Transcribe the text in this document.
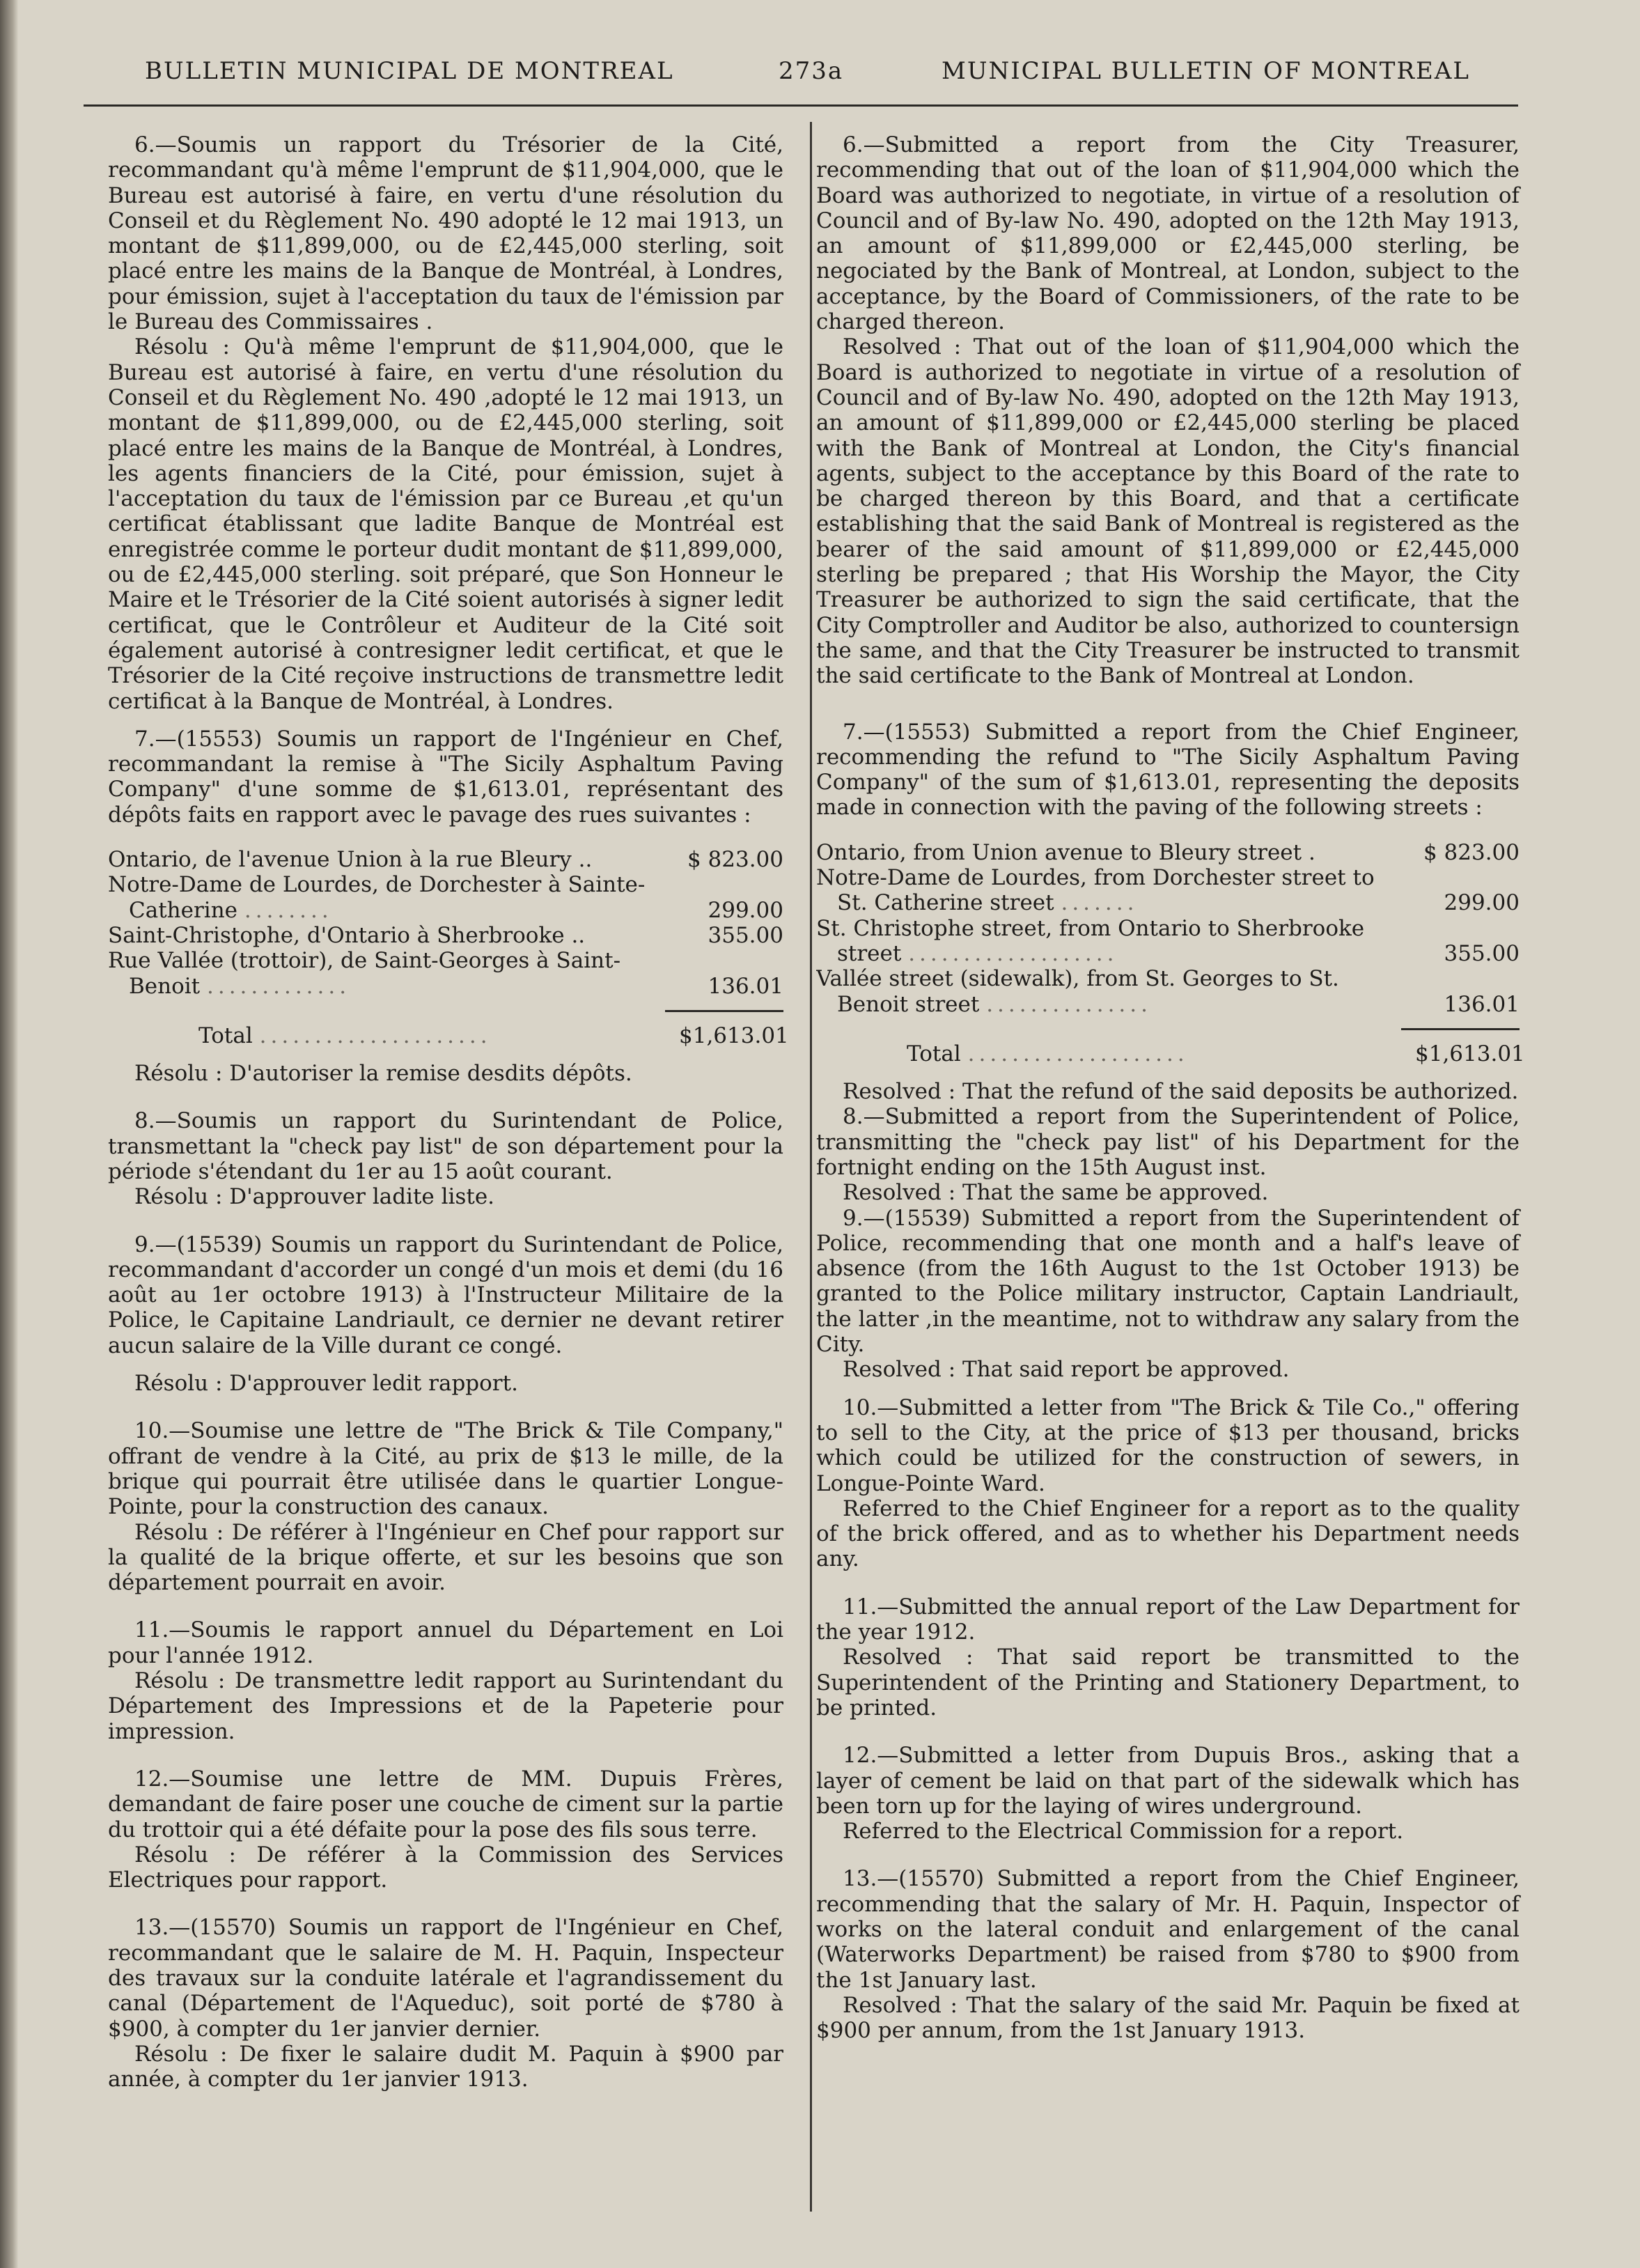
BULLETIN MUNICIPAL DE MONTREAL	273a	MUNICIPAL BULLETIN OF MONTREAL

6.—Soumis un rapport du Trésorier de la Cité, recommandant qu'à même l'emprunt de $11,904,000, que le Bureau est autorisé à faire, en vertu d'une résolution du Conseil et du Règlement No. 490 adopté le 12 mai 1913, un montant de $11,899,000, ou de £2,445,000 sterling, soit placé entre les mains de la Banque de Montréal, à Londres, pour émission, sujet à l'acceptation du taux de l'émission par le Bureau des Commissaires .

Résolu : Qu'à même l'emprunt de $11,904,000, que le Bureau est autorisé à faire, en vertu d'une résolution du Conseil et du Règlement No. 490 ,adopté le 12 mai 1913, un montant de $11,899,000, ou de £2,445,000 sterling, soit placé entre les mains de la Banque de Montréal, à Londres, les agents financiers de la Cité, pour émission, sujet à l'acceptation du taux de l'émission par ce Bureau ,et qu'un certificat établissant que ladite Banque de Montréal est enregistrée comme le porteur dudit montant de $11,899,000, ou de £2,445,000 sterling. soit préparé, que Son Honneur le Maire et le Trésorier de la Cité soient autorisés à signer ledit certificat, que le Contrôleur et Auditeur de la Cité soit également autorisé à contresigner ledit certificat, et que le Trésorier de la Cité reçoive instructions de transmettre ledit certificat à la Banque de Montréal, à Londres.

7.—(15553) Soumis un rapport de l'Ingénieur en Chef, recommandant la remise à "The Sicily Asphaltum Paving Company" d'une somme de $1,613.01, représentant des dépôts faits en rapport avec le pavage des rues suivantes :

Ontario, de l'avenue Union à la rue Bleury ..	$ 823.00
Notre-Dame de Lourdes, de Dorchester à Sainte-Catherine ........	299.00
Saint-Christophe, d'Ontario à Sherbrooke ..	355.00
Rue Vallée (trottoir), de Saint-Georges à Saint- Benoit .............	136.01
Total .....................	$1,613.01

Résolu : D'autoriser la remise desdits dépôts.

8.—Soumis un rapport du Surintendant de Police, transmettant la "check pay list" de son département pour la période s'étendant du 1er au 15 août courant.

Résolu : D'approuver ladite liste.

9.—(15539) Soumis un rapport du Surintendant de Police, recommandant d'accorder un congé d'un mois et demi (du 16 août au 1er octobre 1913) à l'Instructeur Militaire de la Police, le Capitaine Landriault, ce dernier ne devant retirer aucun salaire de la Ville durant ce congé.

Résolu : D'approuver ledit rapport.

10.—Soumise une lettre de "The Brick & Tile Company," offrant de vendre à la Cité, au prix de $13 le mille, de la brique qui pourrait être utilisée dans le quartier Longue-Pointe, pour la construction des canaux.

Résolu : De référer à l'Ingénieur en Chef pour rapport sur la qualité de la brique offerte, et sur les besoins que son département pourrait en avoir.

11.—Soumis le rapport annuel du Département en Loi pour l'année 1912.

Résolu : De transmettre ledit rapport au Surintendant du Département des Impressions et de la Papeterie pour impression.

12.—Soumise une lettre de MM. Dupuis Frères, demandant de faire poser une couche de ciment sur la partie du trottoir qui a été défaite pour la pose des fils sous terre.

Résolu : De référer à la Commission des Services Electriques pour rapport.

13.—(15570) Soumis un rapport de l'Ingénieur en Chef, recommandant que le salaire de M. H. Paquin, Inspecteur des travaux sur la conduite latérale et l'agrandissement du canal (Département de l'Aqueduc), soit porté de $780 à $900, à compter du 1er janvier dernier.

Résolu : De fixer le salaire dudit M. Paquin à $900 par année, à compter du 1er janvier 1913.

6.—Submitted a report from the City Treasurer, recommending that out of the loan of $11,904,000 which the Board was authorized to negotiate, in virtue of a resolution of Council and of By-law No. 490, adopted on the 12th May 1913, an amount of $11,899,000 or £2,445,000 sterling, be negociated by the Bank of Montreal, at London, subject to the acceptance, by the Board of Commissioners, of the rate to be charged thereon.

Resolved : That out of the loan of $11,904,000 which the Board is authorized to negotiate in virtue of a resolution of Council and of By-law No. 490, adopted on the 12th May 1913, an amount of $11,899,000 or £2,445,000 sterling be placed with the Bank of Montreal at London, the City's financial agents, subject to the acceptance by this Board of the rate to be charged thereon by this Board, and that a certificate establishing that the said Bank of Montreal is registered as the bearer of the said amount of $11,899,000 or £2,445,000 sterling be prepared ; that His Worship the Mayor, the City Treasurer be authorized to sign the said certificate, that the City Comptroller and Auditor be also, authorized to countersign the same, and that the City Treasurer be instructed to transmit the said certificate to the Bank of Montreal at London.

7.—(15553) Submitted a report from the Chief Engineer, recommending the refund to "The Sicily Asphaltum Paving Company" of the sum of $1,613.01, representing the deposits made in connection with the paving of the following streets :

Ontario, from Union avenue to Bleury street .	$ 823.00
Notre-Dame de Lourdes, from Dorchester street to St. Catherine street .......	299.00
St. Christophe street, from Ontario to Sherbrooke street ...................	355.00
Vallée street (sidewalk), from St. Georges to St. Benoit street ...............	136.01
Total ....................	$1,613.01

Resolved : That the refund of the said deposits be authorized.

8.—Submitted a report from the Superintendent of Police, transmitting the "check pay list" of his Department for the fortnight ending on the 15th August inst.

Resolved : That the same be approved.

9.—(15539) Submitted a report from the Superintendent of Police, recommending that one month and a half's leave of absence (from the 16th August to the 1st October 1913) be granted to the Police military instructor, Captain Landriault, the latter ,in the meantime, not to withdraw any salary from the City.

Resolved : That said report be approved.

10.—Submitted a letter from "The Brick & Tile Co.," offering to sell to the City, at the price of $13 per thousand, bricks which could be utilized for the construction of sewers, in Longue-Pointe Ward.

Referred to the Chief Engineer for a report as to the quality of the brick offered, and as to whether his Department needs any.

11.—Submitted the annual report of the Law Department for the year 1912.

Resolved : That said report be transmitted to the Superintendent of the Printing and Stationery Department, to be printed.

12.—Submitted a letter from Dupuis Bros., asking that a layer of cement be laid on that part of the sidewalk which has been torn up for the laying of wires underground.

Referred to the Electrical Commission for a report.

13.—(15570) Submitted a report from the Chief Engineer, recommending that the salary of Mr. H. Paquin, Inspector of works on the lateral conduit and enlargement of the canal (Waterworks Department) be raised from $780 to $900 from the 1st January last.

Resolved : That the salary of the said Mr. Paquin be fixed at $900 per annum, from the 1st January 1913.
